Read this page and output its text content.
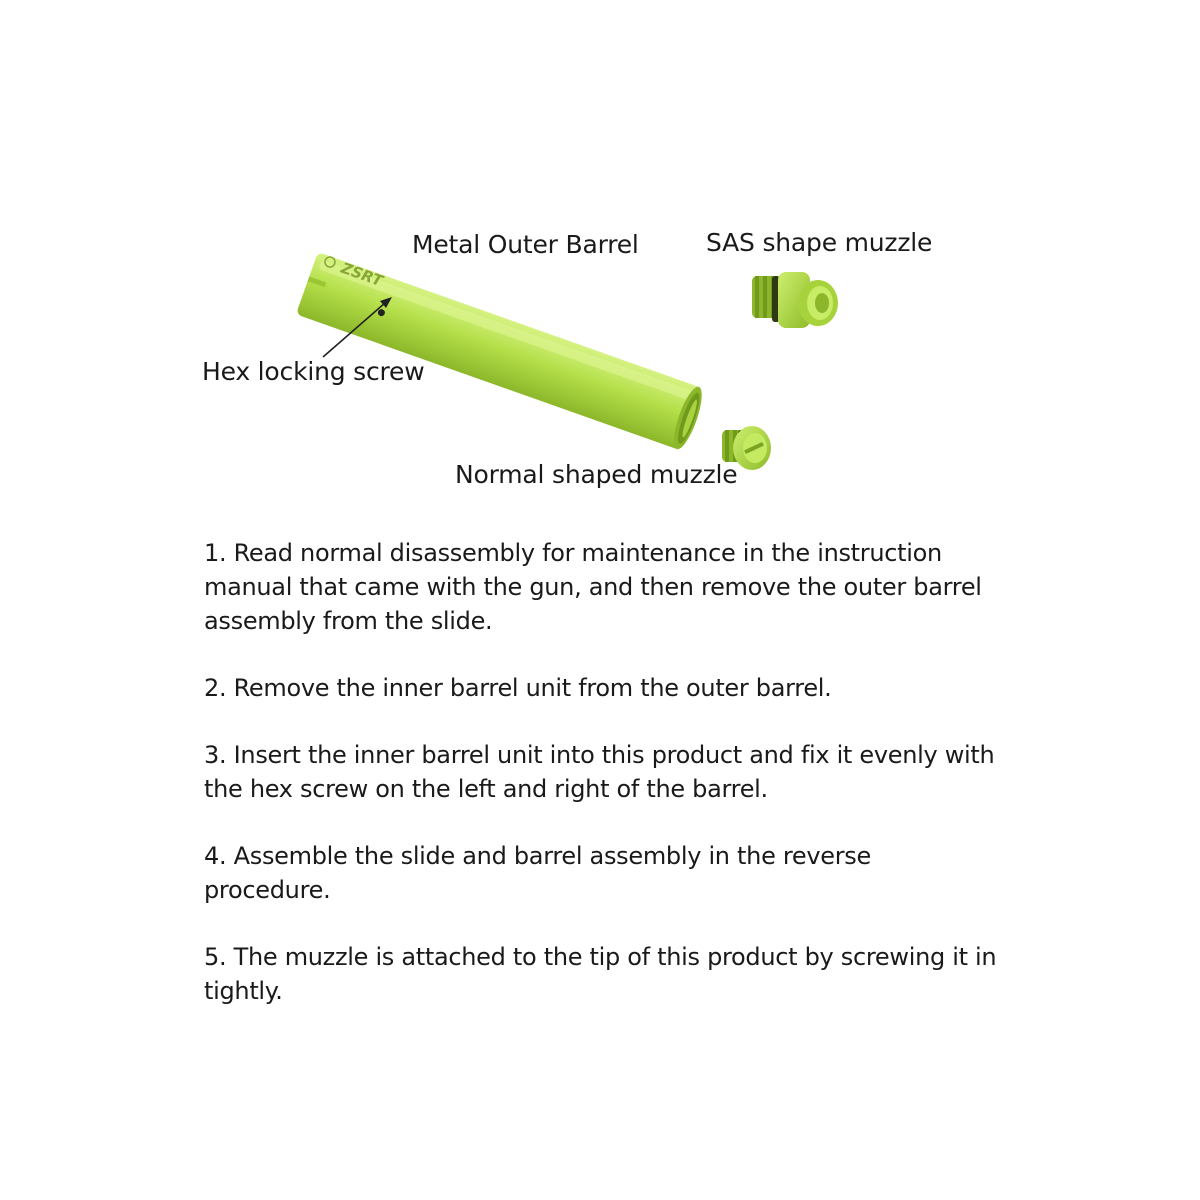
ZSRT
Metal Outer Barrel	SAS shape muzzle
Hex locking screw
Normal shaped muzzle

1. Read normal disassembly for maintenance in the instruction manual that came with the gun, and then remove the outer barrel assembly from the slide.

2. Remove the inner barrel unit from the outer barrel.

3. Insert the inner barrel unit into this product and fix it evenly with the hex screw on the left and right of the barrel.

4. Assemble the slide and barrel assembly in the reverse procedure.

5. The muzzle is attached to the tip of this product by screwing it in tightly.
